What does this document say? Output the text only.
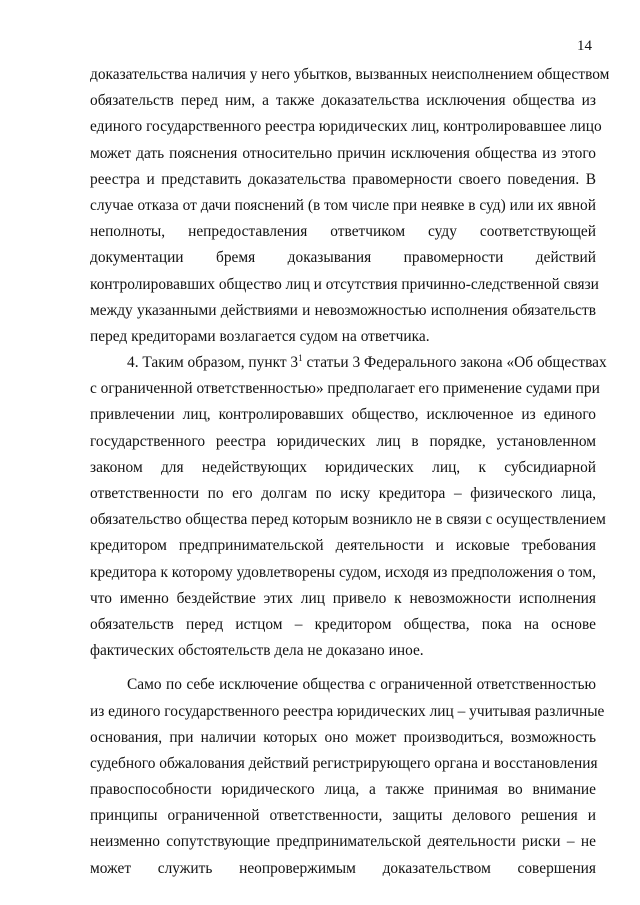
14
доказательства наличия у него убытков, вызванных неисполнением обществом
обязательств перед ним, а также доказательства исключения общества из
единого государственного реестра юридических лиц, контролировавшее лицо
может дать пояснения относительно причин исключения общества из этого
реестра и представить доказательства правомерности своего поведения. В
случае отказа от дачи пояснений (в том числе при неявке в суд) или их явной
неполноты, непредоставления ответчиком суду соответствующей
документации бремя доказывания правомерности действий
контролировавших общество лиц и отсутствия причинно-следственной связи
между указанными действиями и невозможностью исполнения обязательств
перед кредиторами возлагается судом на ответчика.
4. Таким образом, пункт $3^1$ статьи 3 Федерального закона «Об обществах
с ограниченной ответственностью» предполагает его применение судами при
привлечении лиц, контролировавших общество, исключенное из единого
государственного реестра юридических лиц в порядке, установленном
законом для недействующих юридических лиц, к субсидиарной
ответственности по его долгам по иску кредитора – физического лица,
обязательство общества перед которым возникло не в связи с осуществлением
кредитором предпринимательской деятельности и исковые требования
кредитора к которому удовлетворены судом, исходя из предположения о том,
что именно бездействие этих лиц привело к невозможности исполнения
обязательств перед истцом – кредитором общества, пока на основе
фактических обстоятельств дела не доказано иное.
Само по себе исключение общества с ограниченной ответственностью
из единого государственного реестра юридических лиц – учитывая различные
основания, при наличии которых оно может производиться, возможность
судебного обжалования действий регистрирующего органа и восстановления
правоспособности юридического лица, а также принимая во внимание
принципы ограниченной ответственности, защиты делового решения и
неизменно сопутствующие предпринимательской деятельности риски – не
может служить неопровержимым доказательством совершения
